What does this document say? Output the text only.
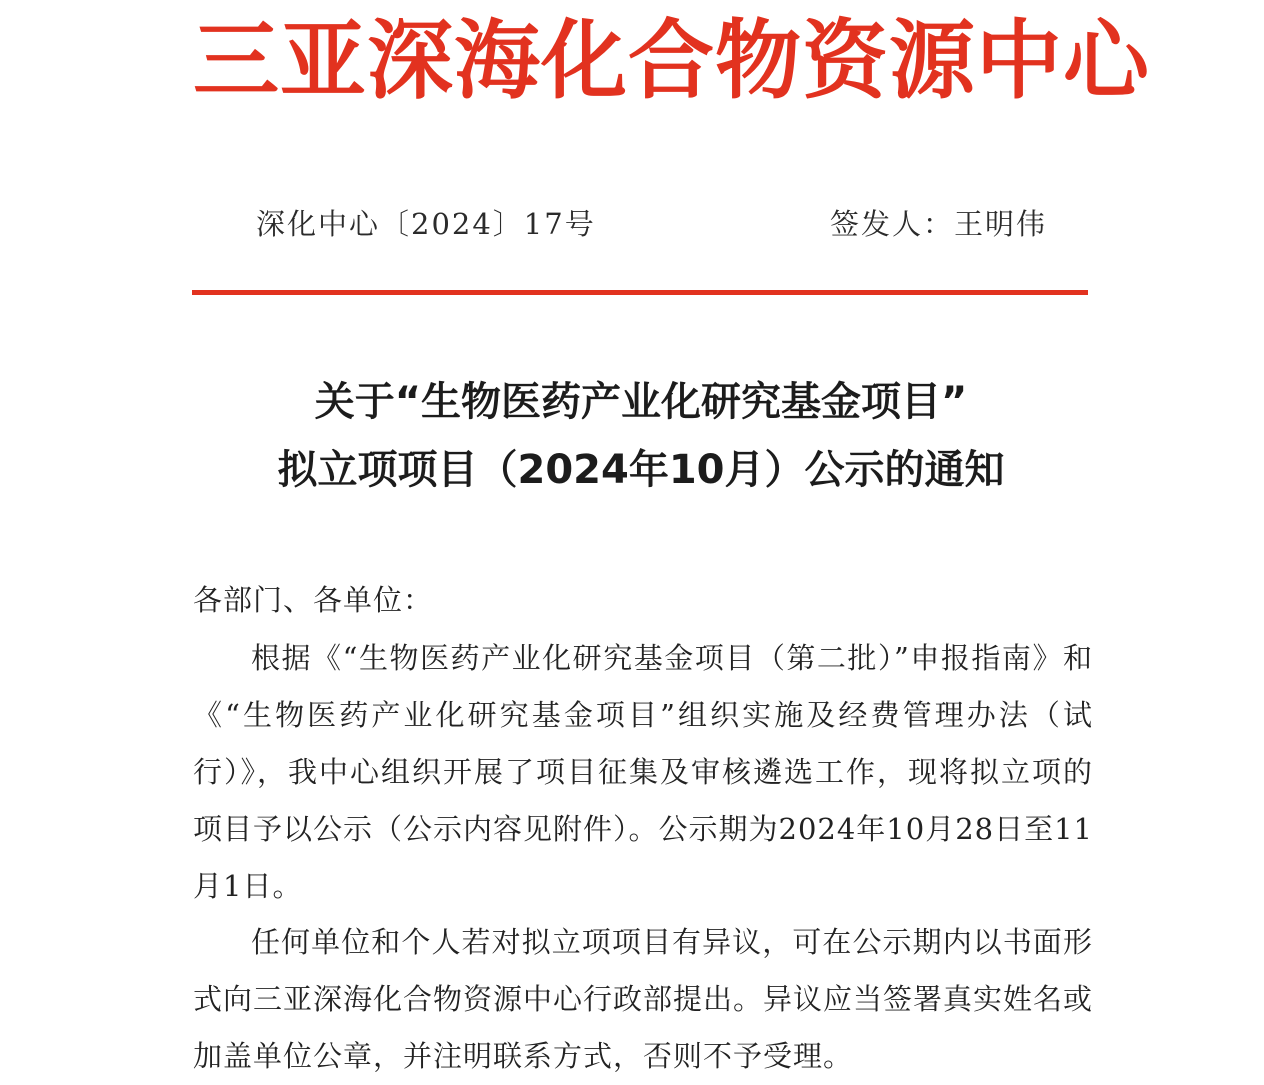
三亚深海化合物资源中心
深化中心〔2024〕17号	签发人：王明伟
关于“生物医药产业化研究基金项目”
拟立项项目（2024年10月）公示的通知
各部门、各单位：

根据《“生物医药产业化研究基金项目（第二批）”申报指南》和《“生物医药产业化研究基金项目”组织实施及经费管理办法（试行）》，我中心组织开展了项目征集及审核遴选工作，现将拟立项的项目予以公示（公示内容见附件）。公示期为2024年10月28日至11月1日。

任何单位和个人若对拟立项项目有异议，可在公示期内以书面形式向三亚深海化合物资源中心行政部提出。异议应当签署真实姓名或加盖单位公章，并注明联系方式，否则不予受理。
